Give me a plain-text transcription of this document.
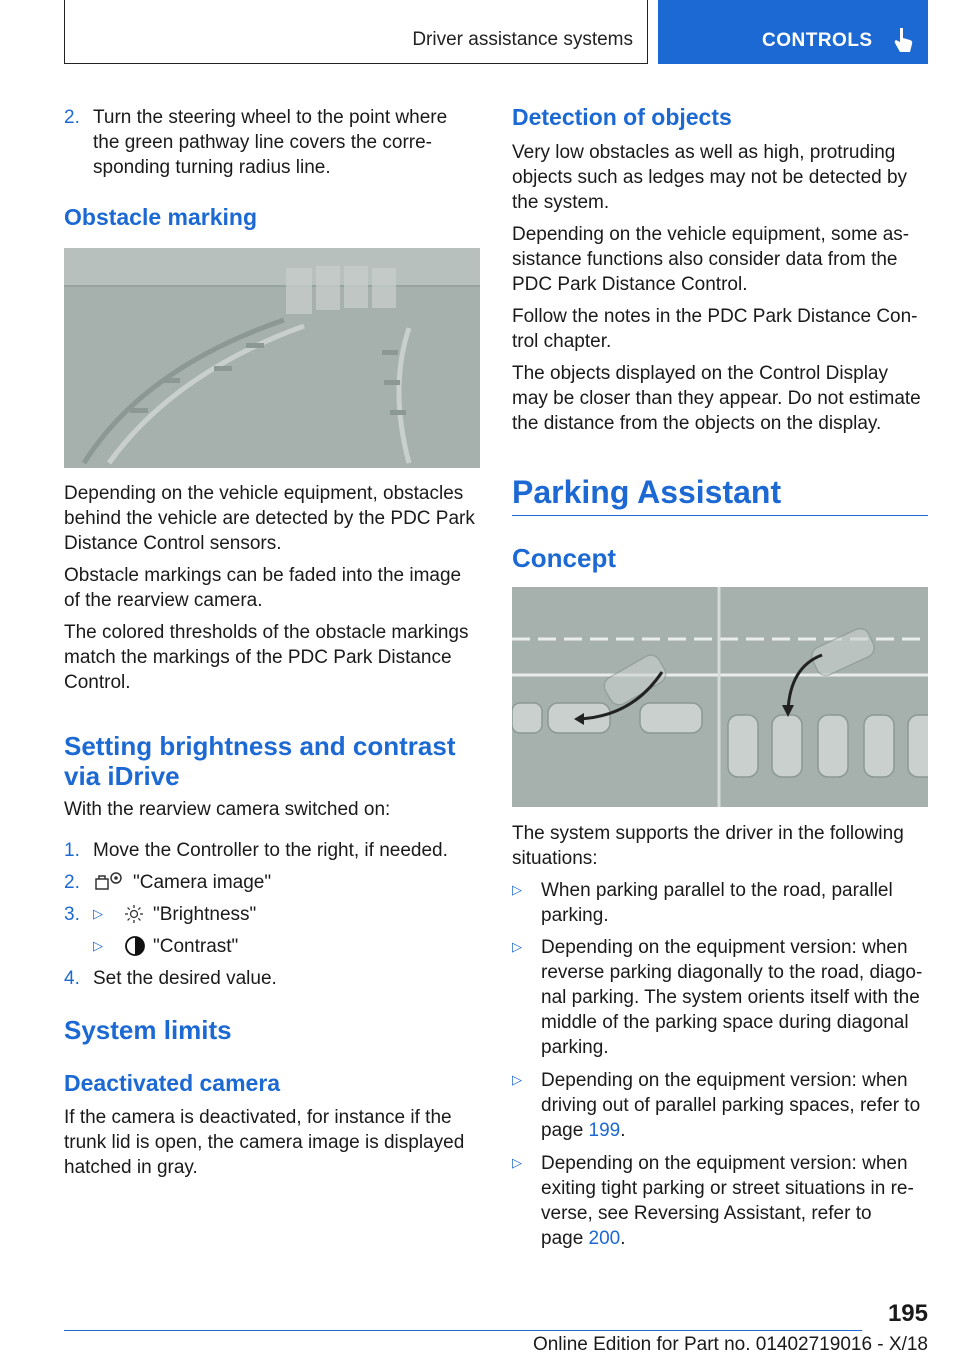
Driver assistance systems	CONTROLS
2. Turn the steering wheel to the point where
the green pathway line covers the corre-
sponding turning radius line.
Obstacle marking
Depending on the vehicle equipment, obstacles
behind the vehicle are detected by the PDC Park
Distance Control sensors.
Obstacle markings can be faded into the image
of the rearview camera.
The colored thresholds of the obstacle markings
match the markings of the PDC Park Distance
Control.
Setting brightness and contrast
via iDrive
With the rearview camera switched on:
1. Move the Controller to the right, if needed.
2.	"Camera image"
3. ▷	"Brightness"
▷	"Contrast"
4. Set the desired value.
System limits
Deactivated camera
If the camera is deactivated, for instance if the
trunk lid is open, the camera image is displayed
hatched in gray.
Detection of objects
Very low obstacles as well as high, protruding
objects such as ledges may not be detected by
the system.
Depending on the vehicle equipment, some as-
sistance functions also consider data from the
PDC Park Distance Control.
Follow the notes in the PDC Park Distance Con-
trol chapter.
The objects displayed on the Control Display
may be closer than they appear. Do not estimate
the distance from the objects on the display.
Parking Assistant
Concept
The system supports the driver in the following
situations:
▷ When parking parallel to the road, parallel
parking.
▷ Depending on the equipment version: when
reverse parking diagonally to the road, diago-
nal parking. The system orients itself with the
middle of the parking space during diagonal
parking.
▷ Depending on the equipment version: when
driving out of parallel parking spaces, refer to
page 199.
▷ Depending on the equipment version: when
exiting tight parking or street situations in re-
verse, see Reversing Assistant, refer to
page 200.
195
Online Edition for Part no. 01402719016 - X/18
